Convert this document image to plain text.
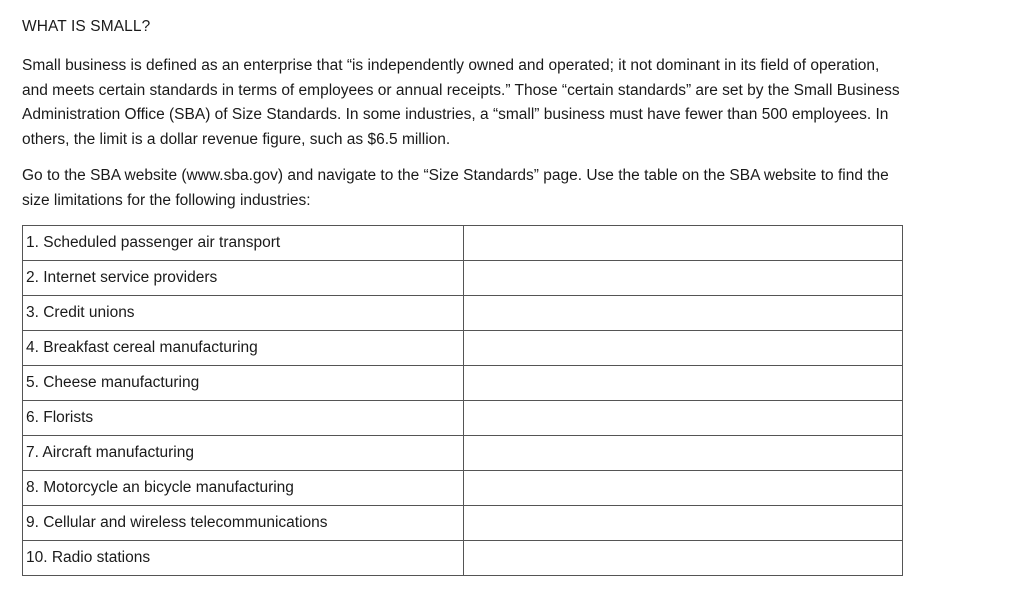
WHAT IS SMALL?

Small business is defined as an enterprise that “is independently owned and operated; it not dominant in its field of operation, and meets certain standards in terms of employees or annual receipts.” Those “certain standards” are set by the Small Business Administration Office (SBA) of Size Standards. In some industries, a “small” business must have fewer than 500 employees. In others, the limit is a dollar revenue figure, such as $6.5 million.

Go to the SBA website (www.sba.gov) and navigate to the “Size Standards” page. Use the table on the SBA website to find the size limitations for the following industries:

1. Scheduled passenger air transport	
2. Internet service providers	
3. Credit unions	
4. Breakfast cereal manufacturing	
5. Cheese manufacturing	
6. Florists	
7. Aircraft manufacturing	
8. Motorcycle an bicycle manufacturing	
9. Cellular and wireless telecommunications	
10. Radio stations	
